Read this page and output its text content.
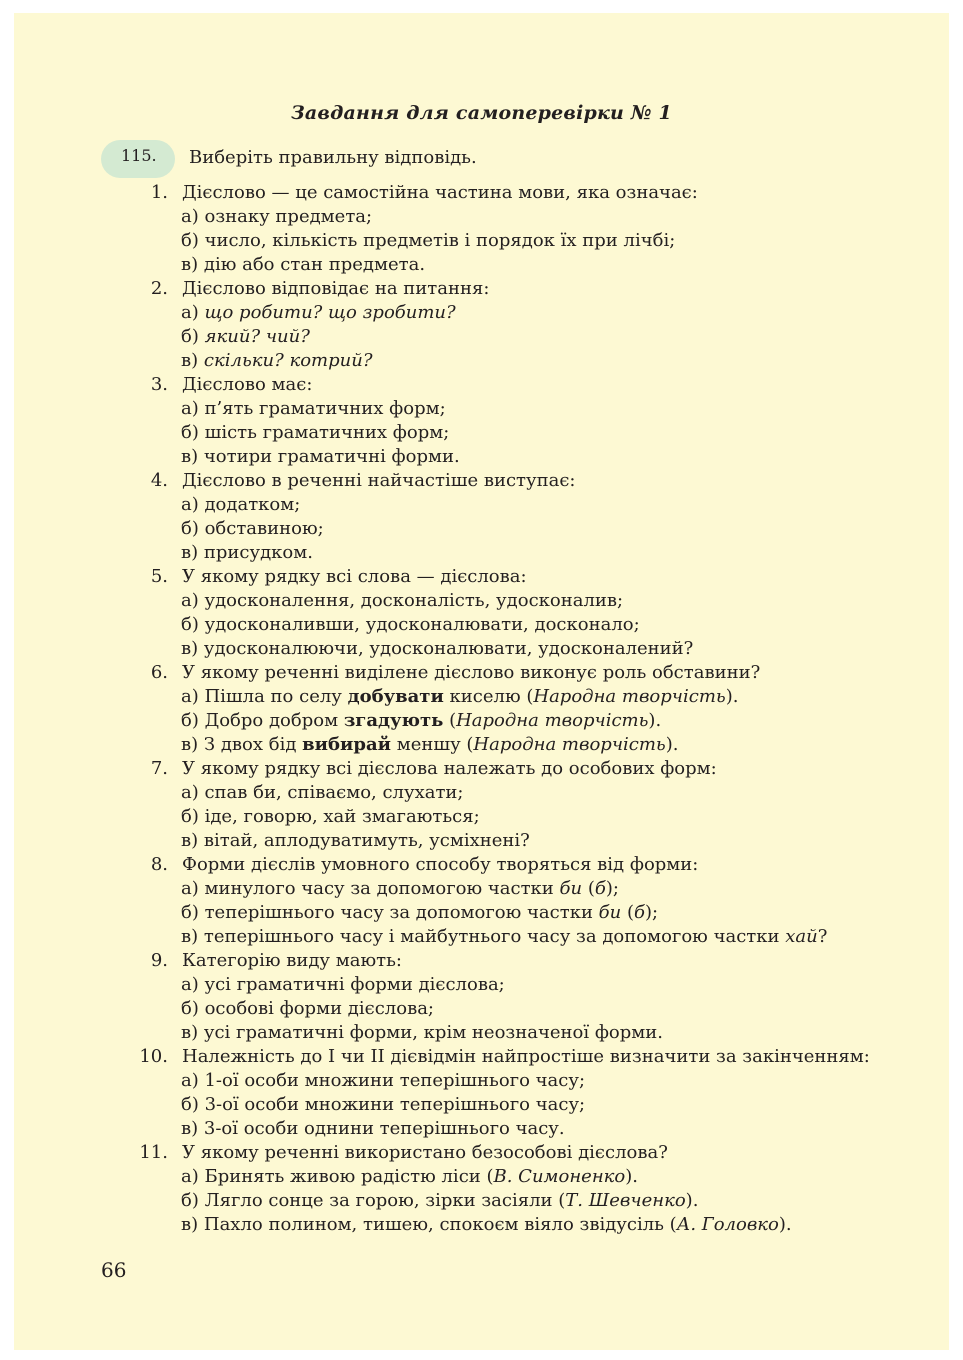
Завдання для самоперевірки № 1
115.	Виберіть правильну відповідь.
1. Дієслово — це самостійна частина мови, яка означає:
а) ознаку предмета;
б) число, кількість предметів і порядок їх при лічбі;
в) дію або стан предмета.
2. Дієслово відповідає на питання:
а) що робити? що зробити?
б) який? чий?
в) скільки? котрий?
3. Дієслово має:
а) п’ять граматичних форм;
б) шість граматичних форм;
в) чотири граматичні форми.
4. Дієслово в реченні найчастіше виступає:
а) додатком;
б) обставиною;
в) присудком.
5. У якому рядку всі слова — дієслова:
а) удосконалення, досконалість, удосконалив;
б) удосконаливши, удосконалювати, досконало;
в) удосконалюючи, удосконалювати, удосконалений?
6. У якому реченні виділене дієслово виконує роль обставини?
а) Пішла по селу добувати киселю (Народна творчість).
б) Добро добром згадують (Народна творчість).
в) З двох бід вибирай меншу (Народна творчість).
7. У якому рядку всі дієслова належать до особових форм:
а) спав би, співаємо, слухати;
б) іде, говорю, хай змагаються;
в) вітай, аплодуватимуть, усміхнені?
8. Форми дієслів умовного способу творяться від форми:
а) минулого часу за допомогою частки би (б);
б) теперішнього часу за допомогою частки би (б);
в) теперішнього часу і майбутнього часу за допомогою частки хай?
9. Категорію виду мають:
а) усі граматичні форми дієслова;
б) особові форми дієслова;
в) усі граматичні форми, крім неозначеної форми.
10. Належність до І чи ІІ дієвідмін найпростіше визначити за закінченням:
а) 1-ої особи множини теперішнього часу;
б) 3-ої особи множини теперішнього часу;
в) 3-ої особи однини теперішнього часу.
11. У якому реченні використано безособові дієслова?
а) Бринять живою радістю ліси (В. Симоненко).
б) Лягло сонце за горою, зірки засіяли (Т. Шевченко).
в) Пахло полином, тишею, спокоєм віяло звідусіль (А. Головко).
66
